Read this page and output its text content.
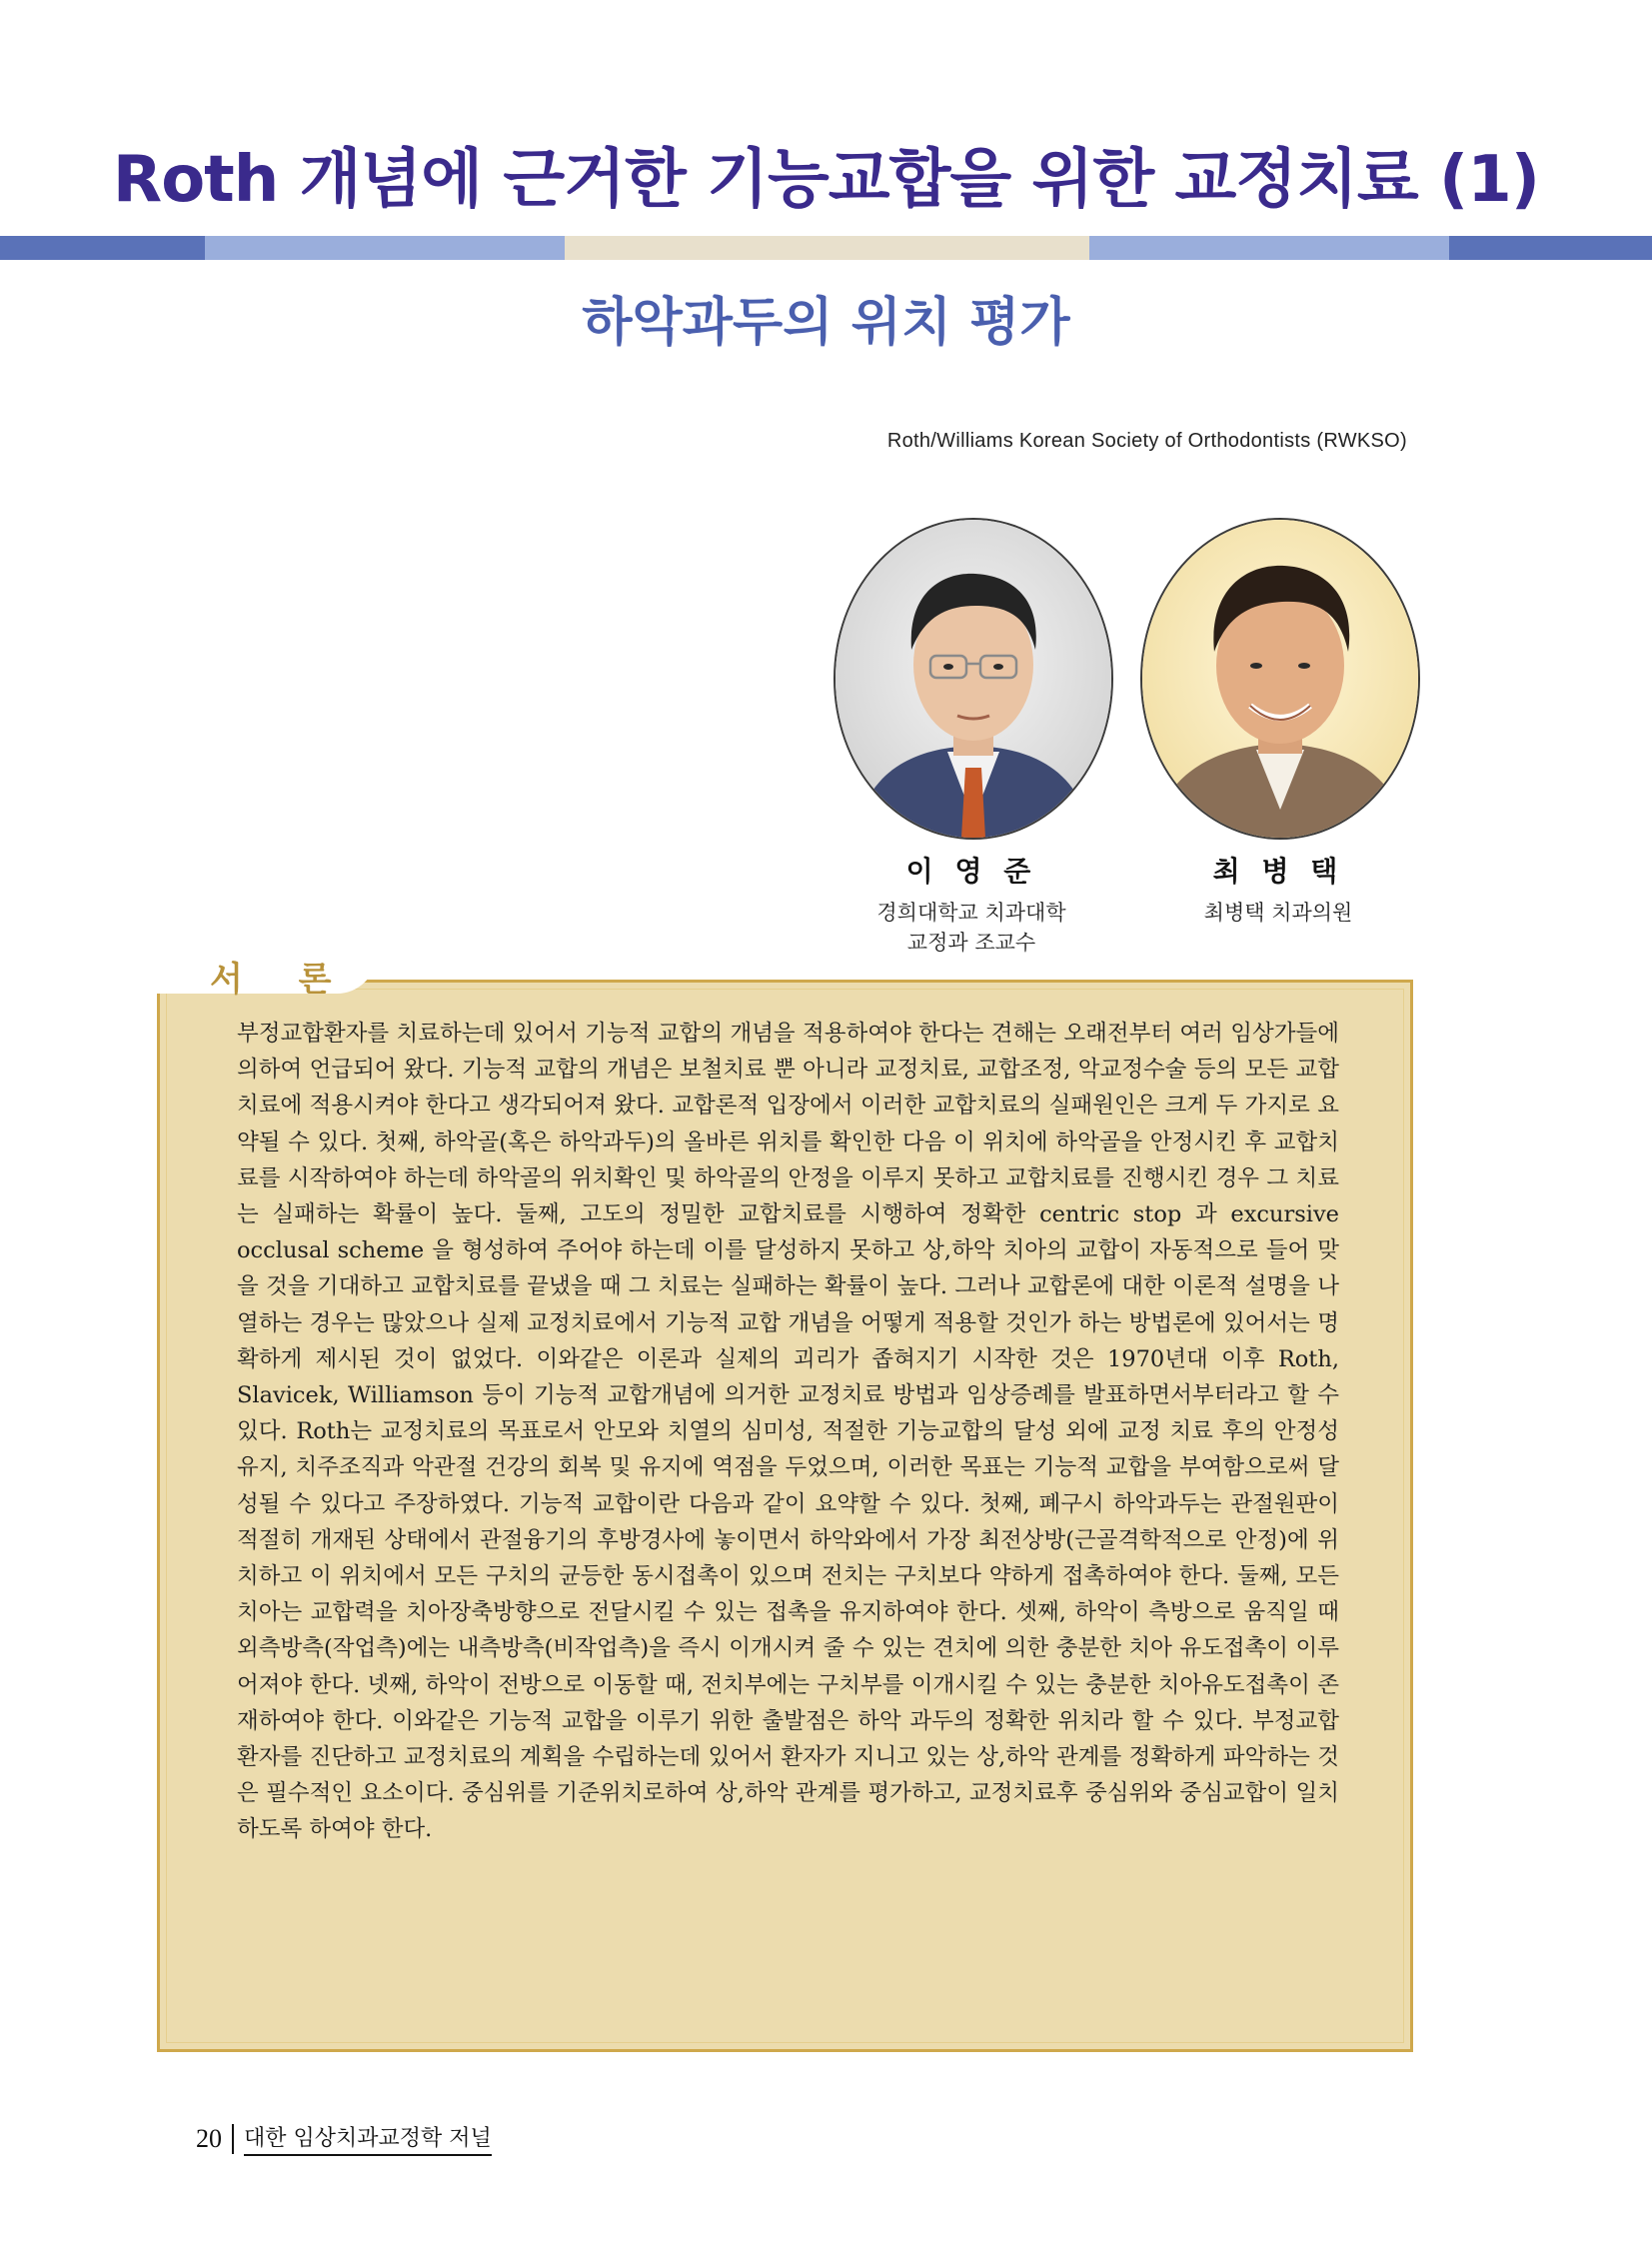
Roth 개념에 근거한 기능교합을 위한 교정치료 (1)
하악과두의 위치 평가
Roth/Williams Korean Society of Orthodontists (RWKSO)
이 영 준
경희대학교 치과대학
교정과 조교수
최 병 택
최병택 치과의원
서 론

부정교합환자를 치료하는데 있어서 기능적 교합의 개념을 적용하여야 한다는 견해는 오래전부터 여러 임상가들에 의하여 언급되어 왔다. 기능적 교합의 개념은 보철치료 뿐 아니라 교정치료, 교합조정, 악교정수술 등의 모든 교합치료에 적용시켜야 한다고 생각되어져 왔다. 교합론적 입장에서 이러한 교합치료의 실패원인은 크게 두 가지로 요약될 수 있다. 첫째, 하악골(혹은 하악과두)의 올바른 위치를 확인한 다음 이 위치에 하악골을 안정시킨 후 교합치료를 시작하여야 하는데 하악골의 위치확인 및 하악골의 안정을 이루지 못하고 교합치료를 진행시킨 경우 그 치료는 실패하는 확률이 높다. 둘째, 고도의 정밀한 교합치료를 시행하여 정확한 centric stop 과 excursive occlusal scheme 을 형성하여 주어야 하는데 이를 달성하지 못하고 상,하악 치아의 교합이 자동적으로 들어 맞을 것을 기대하고 교합치료를 끝냈을 때 그 치료는 실패하는 확률이 높다. 그러나 교합론에 대한 이론적 설명을 나열하는 경우는 많았으나 실제 교정치료에서 기능적 교합 개념을 어떻게 적용할 것인가 하는 방법론에 있어서는 명확하게 제시된 것이 없었다. 이와같은 이론과 실제의 괴리가 좁혀지기 시작한 것은 1970년대 이후 Roth, Slavicek, Williamson 등이 기능적 교합개념에 의거한 교정치료 방법과 임상증례를 발표하면서부터라고 할 수 있다. Roth는 교정치료의 목표로서 안모와 치열의 심미성, 적절한 기능교합의 달성 외에 교정 치료 후의 안정성 유지, 치주조직과 악관절 건강의 회복 및 유지에 역점을 두었으며, 이러한 목표는 기능적 교합을 부여함으로써 달성될 수 있다고 주장하였다. 기능적 교합이란 다음과 같이 요약할 수 있다. 첫째, 폐구시 하악과두는 관절원판이 적절히 개재된 상태에서 관절융기의 후방경사에 놓이면서 하악와에서 가장 최전상방(근골격학적으로 안정)에 위치하고 이 위치에서 모든 구치의 균등한 동시접촉이 있으며 전치는 구치보다 약하게 접촉하여야 한다. 둘째, 모든 치아는 교합력을 치아장축방향으로 전달시킬 수 있는 접촉을 유지하여야 한다. 셋째, 하악이 측방으로 움직일 때 외측방측(작업측)에는 내측방측(비작업측)을 즉시 이개시켜 줄 수 있는 견치에 의한 충분한 치아 유도접촉이 이루어져야 한다. 넷째, 하악이 전방으로 이동할 때, 전치부에는 구치부를 이개시킬 수 있는 충분한 치아유도접촉이 존재하여야 한다. 이와같은 기능적 교합을 이루기 위한 출발점은 하악 과두의 정확한 위치라 할 수 있다. 부정교합 환자를 진단하고 교정치료의 계획을 수립하는데 있어서 환자가 지니고 있는 상,하악 관계를 정확하게 파악하는 것은 필수적인 요소이다. 중심위를 기준위치로하여 상,하악 관계를 평가하고, 교정치료후 중심위와 중심교합이 일치하도록 하여야 한다.

20	대한 임상치과교정학 저널
